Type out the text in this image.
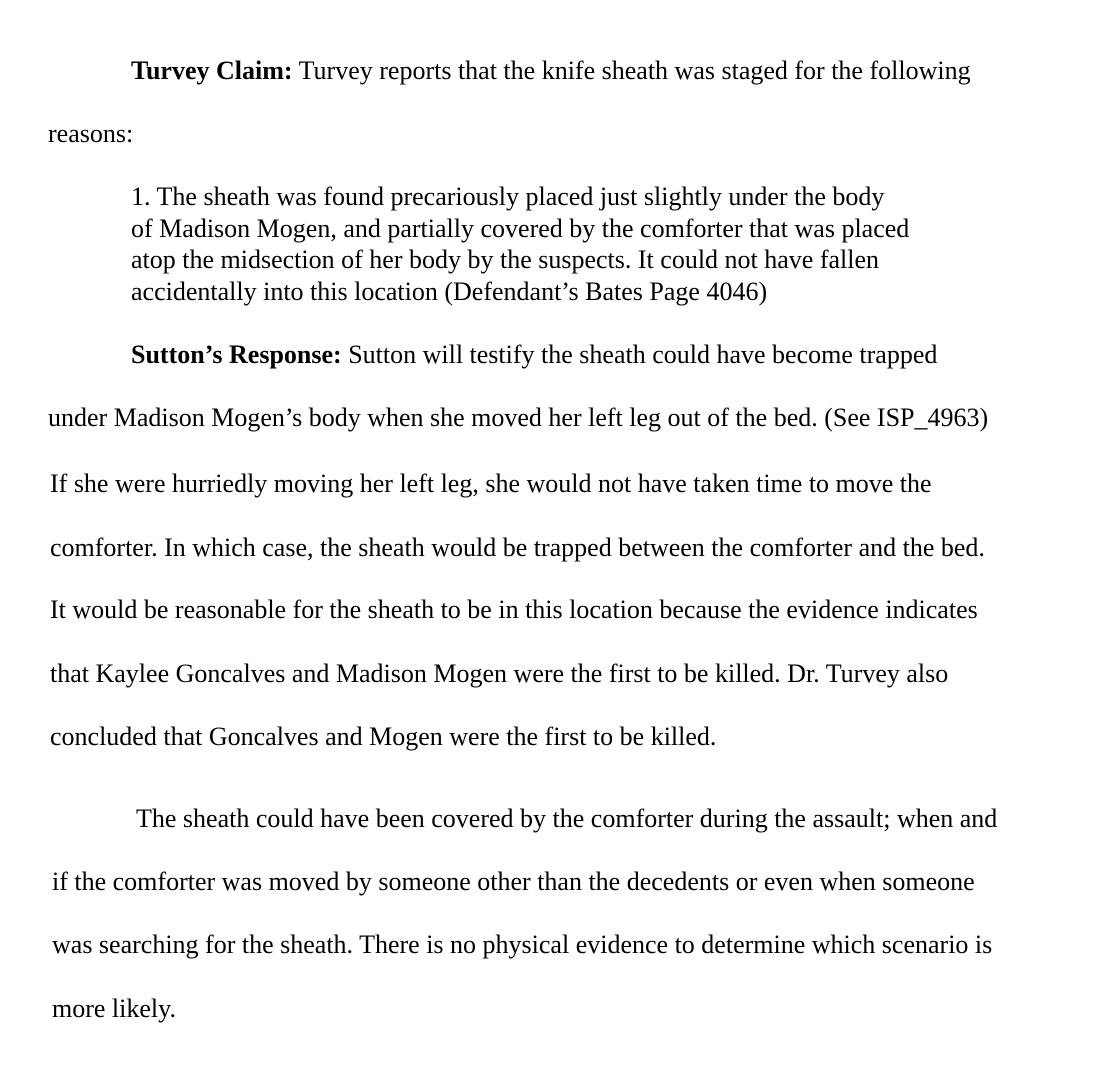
Turvey Claim: Turvey reports that the knife sheath was staged for the following
reasons:
1. The sheath was found precariously placed just slightly under the body
of Madison Mogen, and partially covered by the comforter that was placed
atop the midsection of her body by the suspects. It could not have fallen
accidentally into this location (Defendant’s Bates Page 4046)
Sutton’s Response: Sutton will testify the sheath could have become trapped
under Madison Mogen’s body when she moved her left leg out of the bed. (See ISP_4963)
If she were hurriedly moving her left leg, she would not have taken time to move the
comforter. In which case, the sheath would be trapped between the comforter and the bed.
It would be reasonable for the sheath to be in this location because the evidence indicates
that Kaylee Goncalves and Madison Mogen were the first to be killed. Dr. Turvey also
concluded that Goncalves and Mogen were the first to be killed.
The sheath could have been covered by the comforter during the assault; when and
if the comforter was moved by someone other than the decedents or even when someone
was searching for the sheath. There is no physical evidence to determine which scenario is
more likely.
